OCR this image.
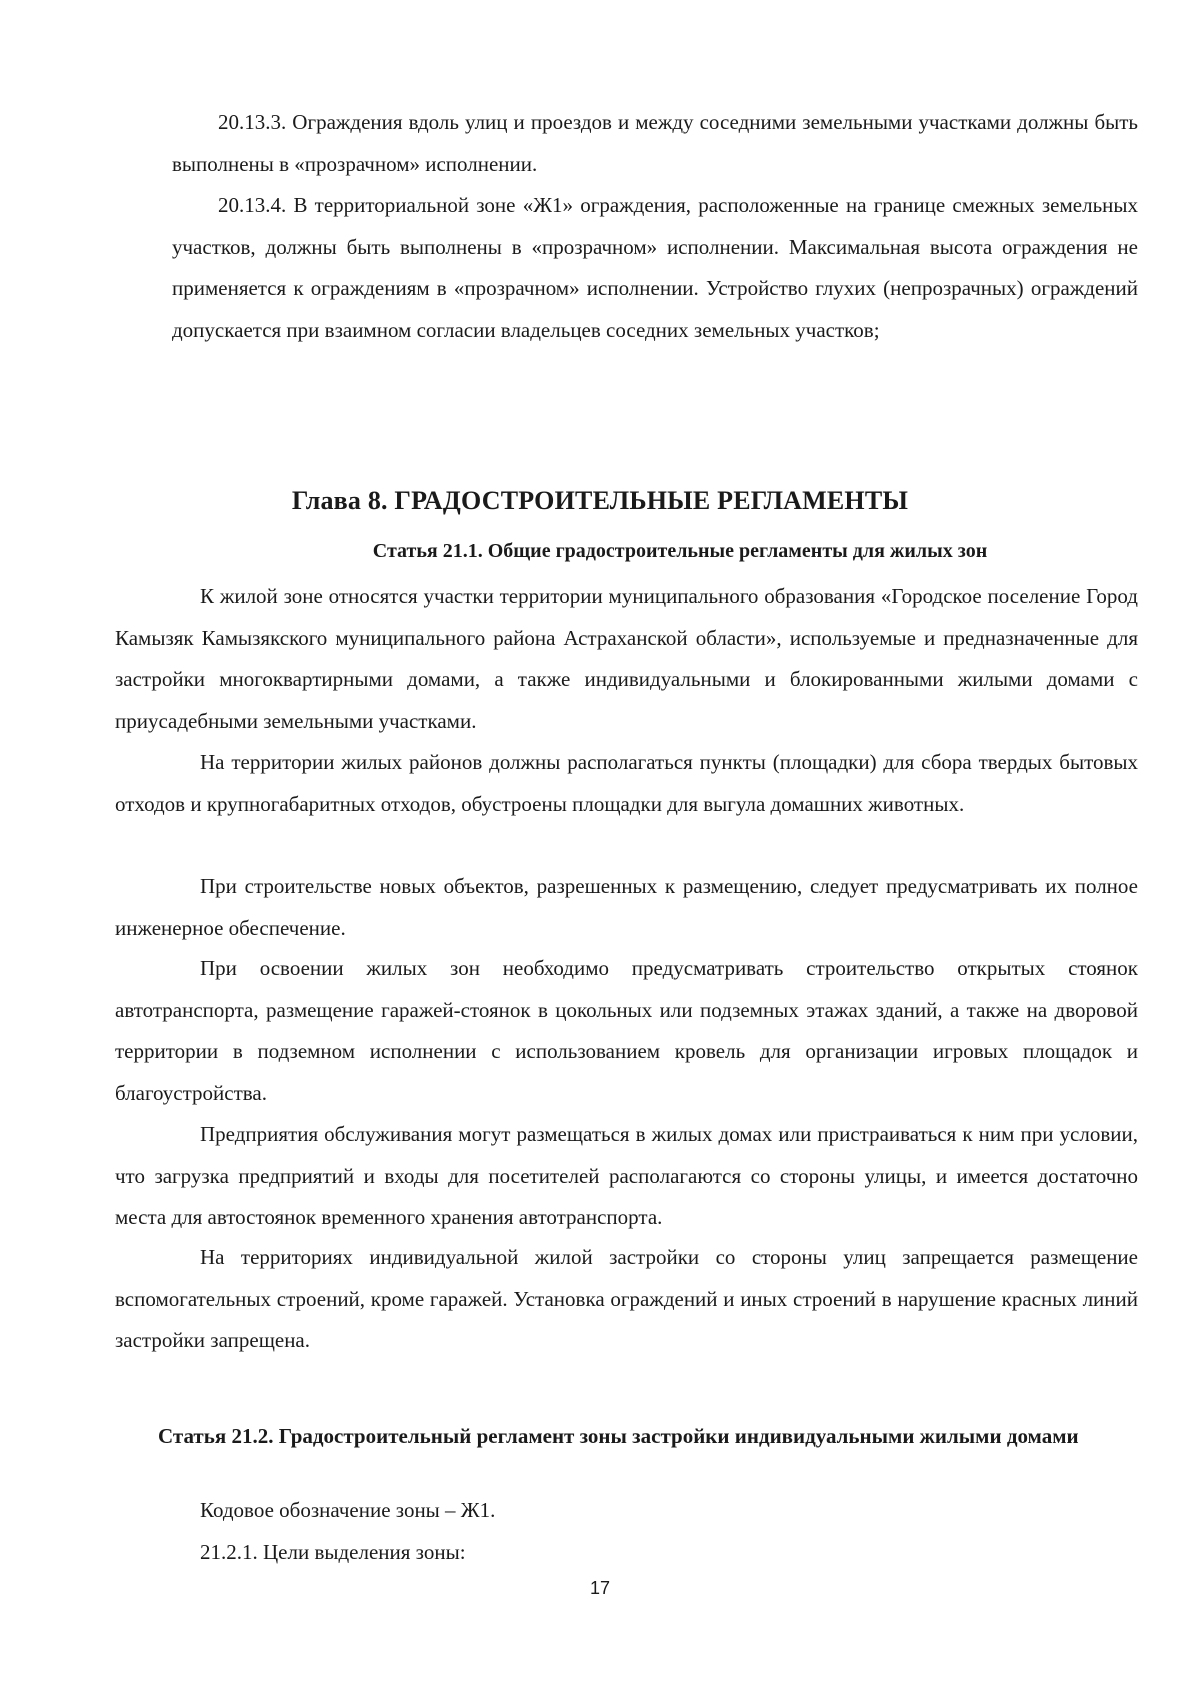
20.13.3. Ограждения вдоль улиц и проездов и между соседними земельными участками должны быть выполнены в «прозрачном» исполнении.

20.13.4. В территориальной зоне «Ж1» ограждения, расположенные на границе смежных земельных участков, должны быть выполнены в «прозрачном» исполнении. Максимальная высота ограждения не применяется к ограждениям в «прозрачном» исполнении. Устройство глухих (непрозрачных) ограждений допускается при взаимном согласии владельцев соседних земельных участков;

Глава 8. ГРАДОСТРОИТЕЛЬНЫЕ РЕГЛАМЕНТЫ
Статья 21.1. Общие градостроительные регламенты для жилых зон

К жилой зоне относятся участки территории муниципального образования «Городское поселение Город Камызяк Камызякского муниципального района Астраханской области», используемые и предназначенные для застройки многоквартирными домами, а также индивидуальными и блокированными жилыми домами с приусадебными земельными участками.

На территории жилых районов должны располагаться пункты (площадки) для сбора твердых бытовых отходов и крупногабаритных отходов, обустроены площадки для выгула домашних животных.

При строительстве новых объектов, разрешенных к размещению, следует предусматривать их полное инженерное обеспечение.

При освоении жилых зон необходимо предусматривать строительство открытых стоянок автотранспорта, размещение гаражей-стоянок в цокольных или подземных этажах зданий, а также на дворовой территории в подземном исполнении с использованием кровель для организации игровых площадок и благоустройства.

Предприятия обслуживания могут размещаться в жилых домах или пристраиваться к ним при условии, что загрузка предприятий и входы для посетителей располагаются со стороны улицы, и имеется достаточно места для автостоянок временного хранения автотранспорта.

На территориях индивидуальной жилой застройки со стороны улиц запрещается размещение вспомогательных строений, кроме гаражей. Установка ограждений и иных строений в нарушение красных линий застройки запрещена.

Статья 21.2. Градостроительный регламент зоны застройки индивидуальными жилыми домами

Кодовое обозначение зоны – Ж1.

21.2.1. Цели выделения зоны:

17
